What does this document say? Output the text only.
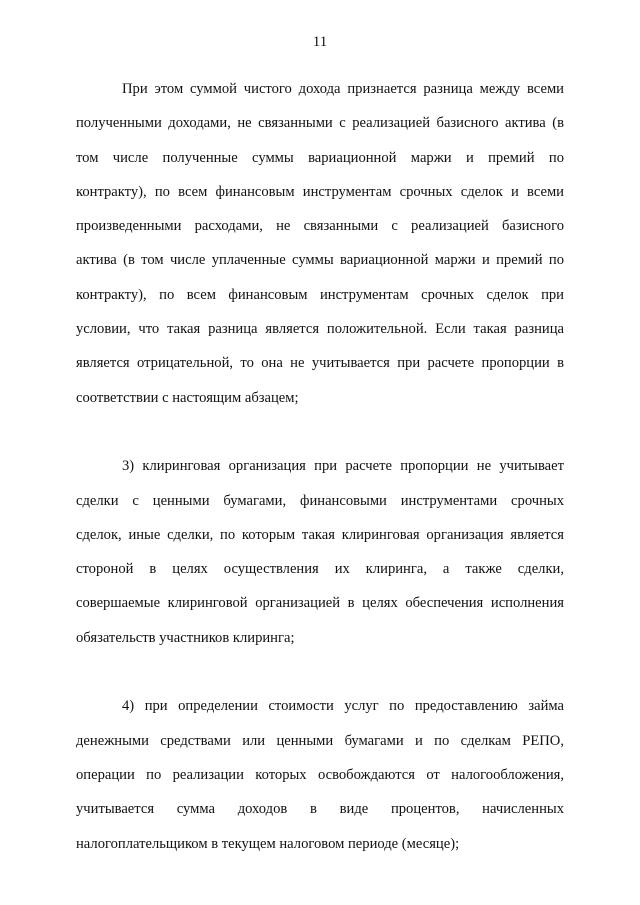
11

При этом суммой чистого дохода признается разница между всеми
полученными доходами, не связанными с реализацией базисного актива (в
том числе полученные суммы вариационной маржи и премий по
контракту), по всем финансовым инструментам срочных сделок и всеми
произведенными расходами, не связанными с реализацией базисного
актива (в том числе уплаченные суммы вариационной маржи и премий по
контракту), по всем финансовым инструментам срочных сделок при
условии, что такая разница является положительной. Если такая разница
является отрицательной, то она не учитывается при расчете пропорции в
соответствии с настоящим абзацем;

3) клиринговая организация при расчете пропорции не учитывает
сделки с ценными бумагами, финансовыми инструментами срочных
сделок, иные сделки, по которым такая клиринговая организация является
стороной в целях осуществления их клиринга, а также сделки,
совершаемые клиринговой организацией в целях обеспечения исполнения
обязательств участников клиринга;

4) при определении стоимости услуг по предоставлению займа
денежными средствами или ценными бумагами и по сделкам РЕПО,
операции по реализации которых освобождаются от налогообложения,
учитывается сумма доходов в виде процентов, начисленных
налогоплательщиком в текущем налоговом периоде (месяце);
